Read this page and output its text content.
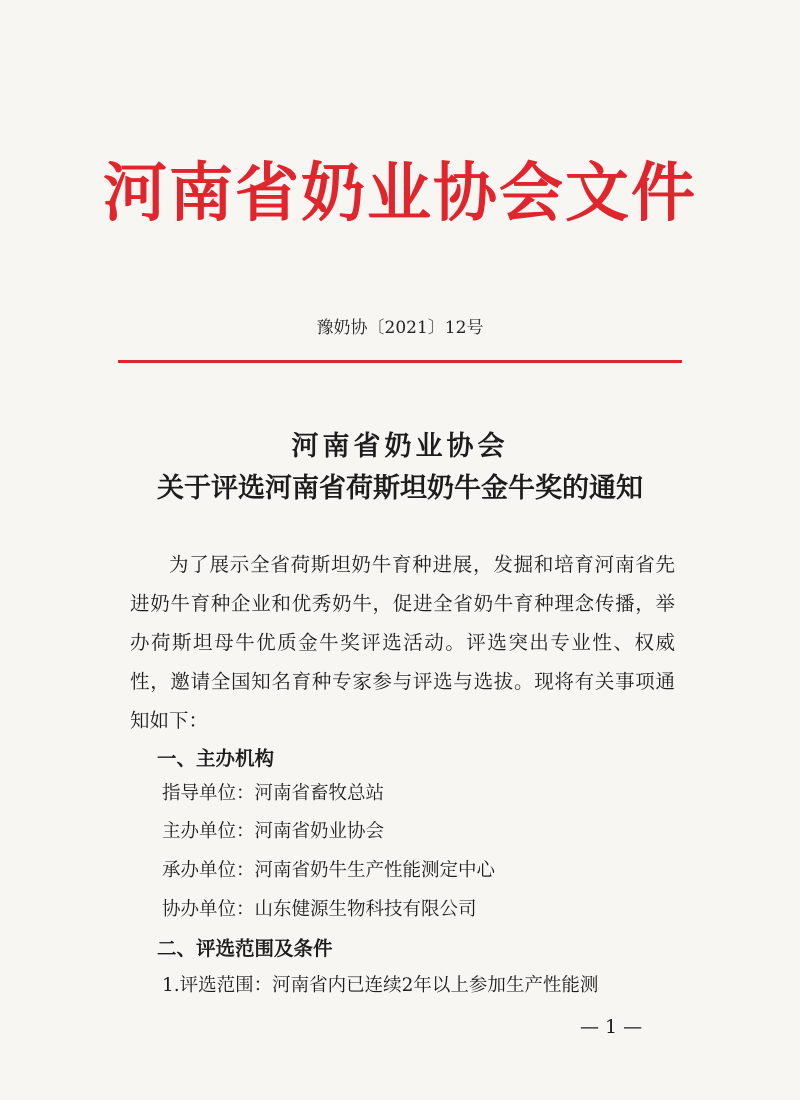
河南省奶业协会文件
豫奶协〔2021〕12号
河南省奶业协会
关于评选河南省荷斯坦奶牛金牛奖的通知
为了展示全省荷斯坦奶牛育种进展，发掘和培育河南省先进奶牛育种企业和优秀奶牛，促进全省奶牛育种理念传播，举办荷斯坦母牛优质金牛奖评选活动。评选突出专业性、权威性，邀请全国知名育种专家参与评选与选拔。现将有关事项通知如下：
一、主办机构
指导单位：河南省畜牧总站
主办单位：河南省奶业协会
承办单位：河南省奶牛生产性能测定中心
协办单位：山东健源生物科技有限公司
二、评选范围及条件
1.评选范围：河南省内已连续2年以上参加生产性能测
— 1 —
